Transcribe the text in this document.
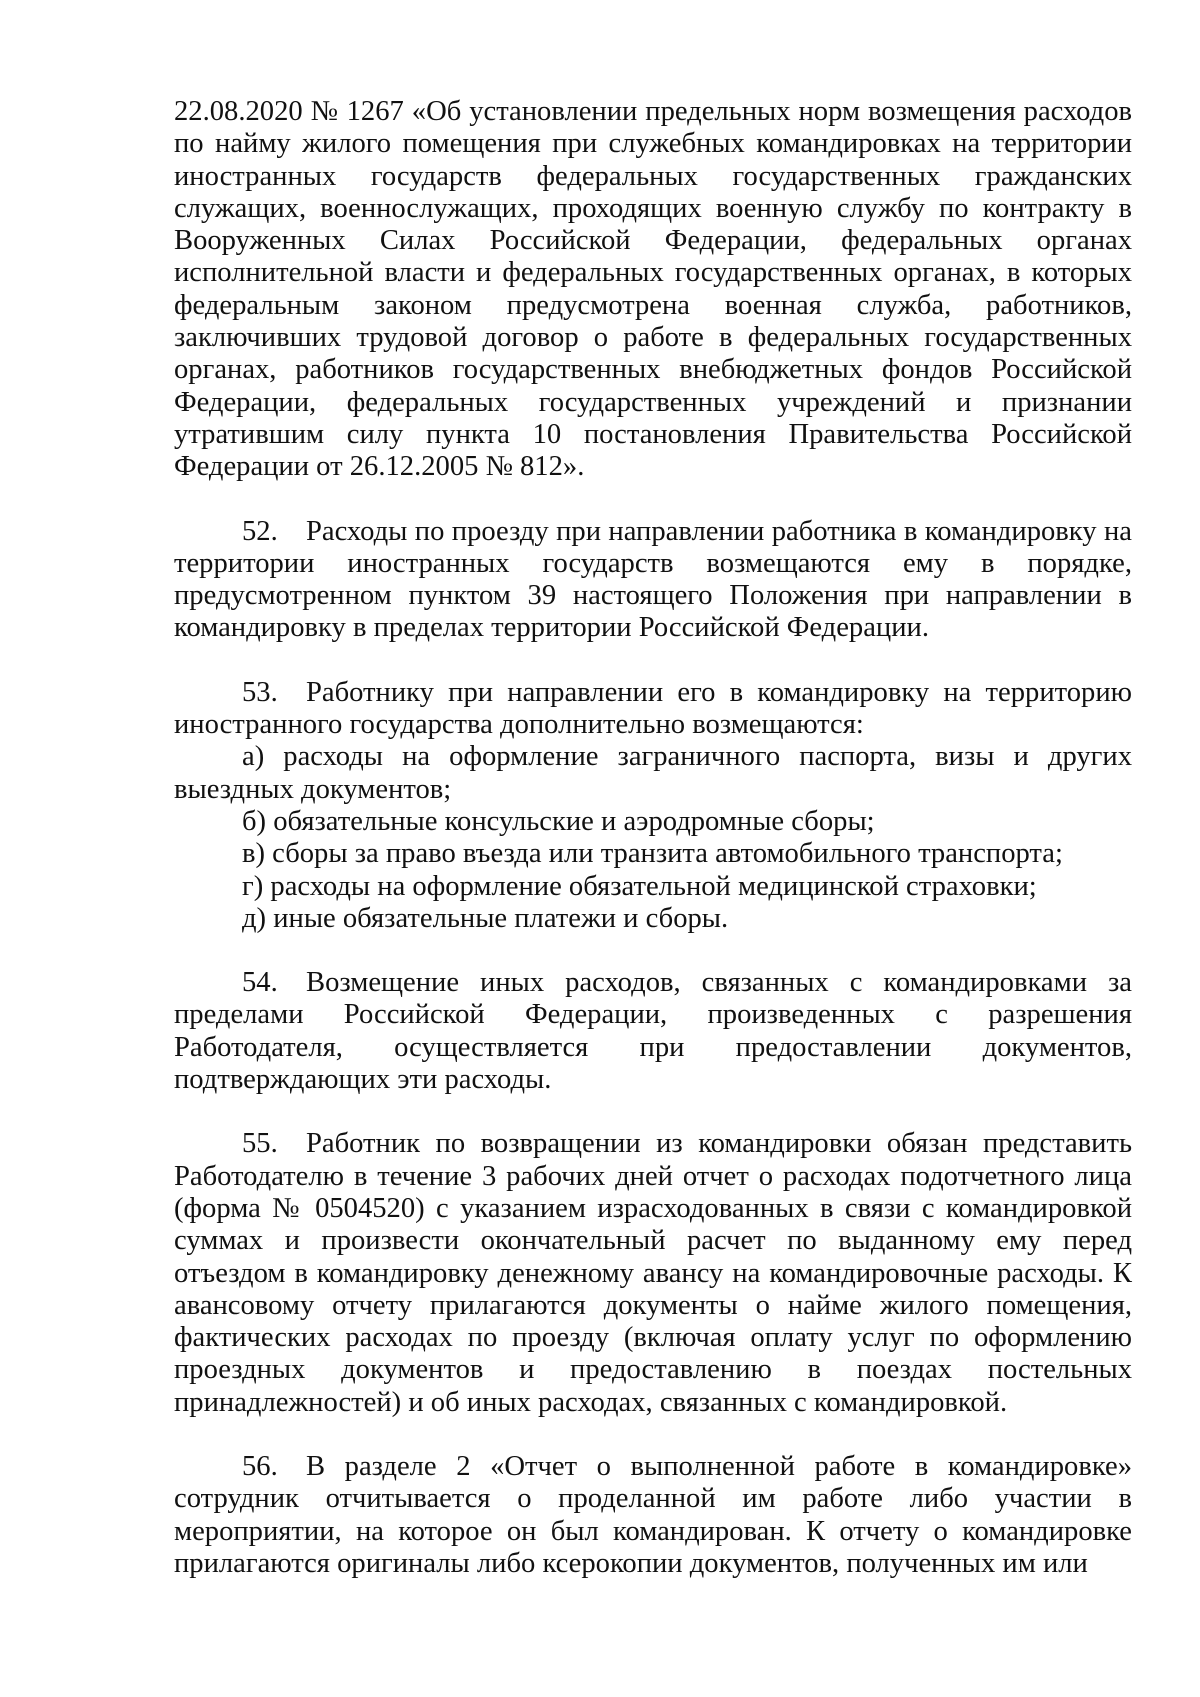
22.08.2020 № 1267 «Об установлении предельных норм возмещения расходов по найму жилого помещения при служебных командировках на территории иностранных государств федеральных государственных гражданских служащих, военнослужащих, проходящих военную службу по контракту в Вооруженных Силах Российской Федерации, федеральных органах исполнительной власти и федеральных государственных органах, в которых федеральным законом предусмотрена военная служба, работников, заключивших трудовой договор о работе в федеральных государственных органах, работников государственных внебюджетных фондов Российской Федерации, федеральных государственных учреждений и признании утратившим силу пункта 10 постановления Правительства Российской Федерации от 26.12.2005 № 812».

52. Расходы по проезду при направлении работника в командировку на территории иностранных государств возмещаются ему в порядке, предусмотренном пунктом 39 настоящего Положения при направлении в командировку в пределах территории Российской Федерации.

53. Работнику при направлении его в командировку на территорию иностранного государства дополнительно возмещаются:

а) расходы на оформление заграничного паспорта, визы и других выездных документов;

б) обязательные консульские и аэродромные сборы;

в) сборы за право въезда или транзита автомобильного транспорта;

г) расходы на оформление обязательной медицинской страховки;

д) иные обязательные платежи и сборы.

54. Возмещение иных расходов, связанных с командировками за пределами Российской Федерации, произведенных с разрешения Работодателя, осуществляется при предоставлении документов, подтверждающих эти расходы.

55. Работник по возвращении из командировки обязан представить Работодателю в течение 3 рабочих дней отчет о расходах подотчетного лица (форма № 0504520) с указанием израсходованных в связи с командировкой суммах и произвести окончательный расчет по выданному ему перед отъездом в командировку денежному авансу на командировочные расходы. К авансовому отчету прилагаются документы о найме жилого помещения, фактических расходах по проезду (включая оплату услуг по оформлению проездных документов и предоставлению в поездах постельных принадлежностей) и об иных расходах, связанных с командировкой.

56. В разделе 2 «Отчет о выполненной работе в командировке» сотрудник отчитывается о проделанной им работе либо участии в мероприятии, на которое он был командирован. К отчету о командировке прилагаются оригиналы либо ксерокопии документов, полученных им или
